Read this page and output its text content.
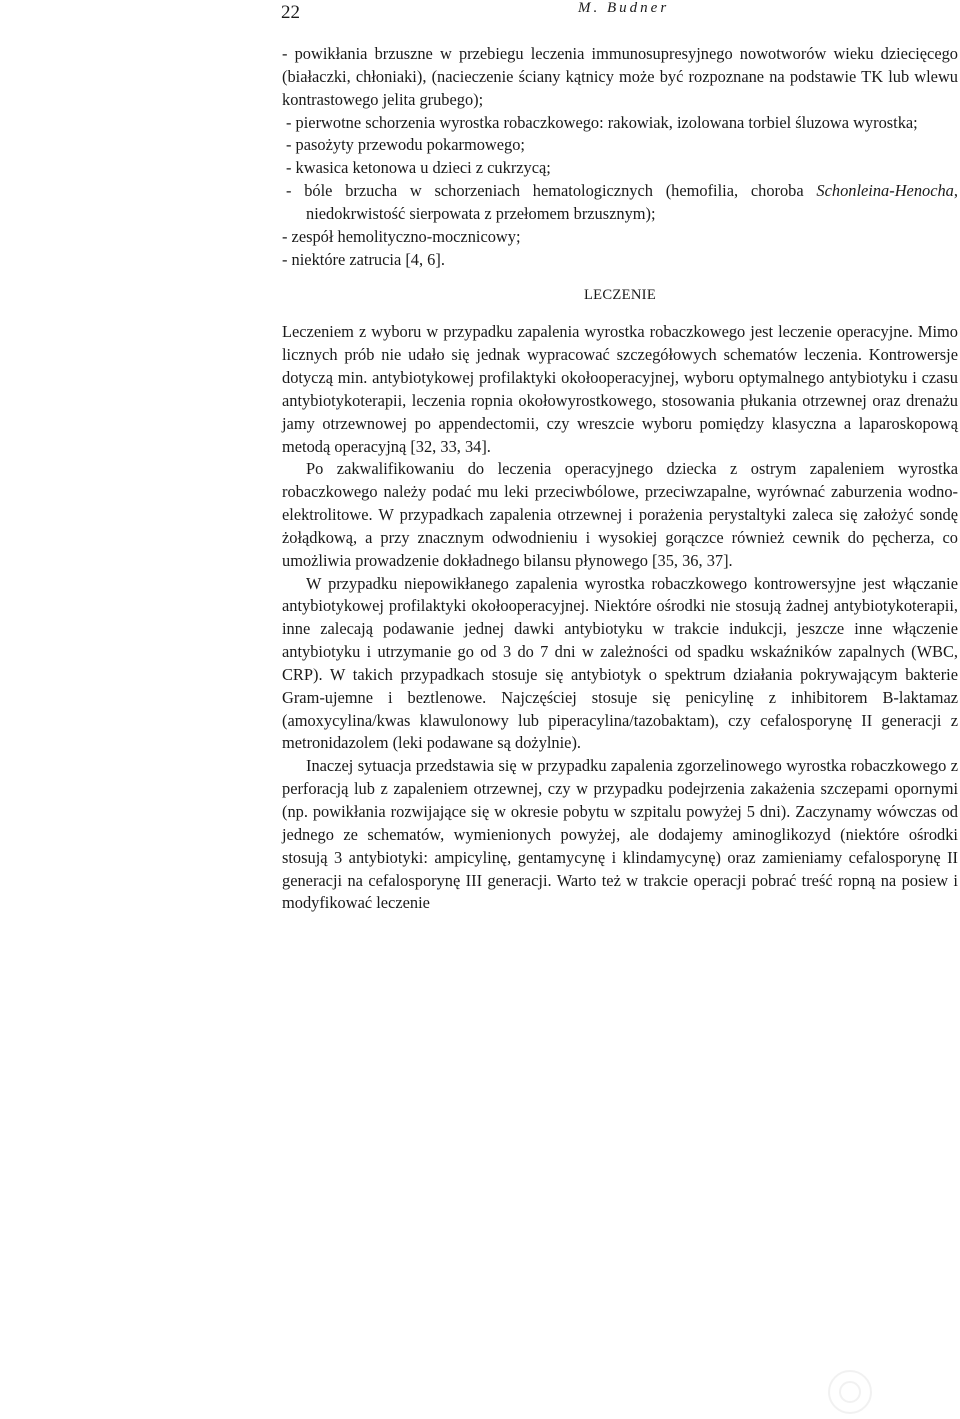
22	M. Budner

- powikłania brzuszne w przebiegu leczenia immunosupresyjnego nowotworów wieku dziecięcego (białaczki, chłoniaki), (nacieczenie ściany kątnicy może być rozpoznane na podstawie TK lub wlewu kontrastowego jelita grubego);

- pierwotne schorzenia wyrostka robaczkowego: rakowiak, izolowana torbiel śluzowa wyrostka;

- pasożyty przewodu pokarmowego;

- kwasica ketonowa u dzieci z cukrzycą;

- bóle brzucha w schorzeniach hematologicznych (hemofilia, choroba Schonleina-Henocha, niedokrwistość sierpowata z przełomem brzusznym);

- zespół hemolityczno-mocznicowy;

- niektóre zatrucia [4, 6].

LECZENIE

Leczeniem z wyboru w przypadku zapalenia wyrostka robaczkowego jest leczenie operacyjne. Mimo licznych prób nie udało się jednak wypracować szczegółowych schematów leczenia. Kontrowersje dotyczą min. antybiotykowej profilaktyki okołooperacyjnej, wyboru optymalnego antybiotyku i czasu antybiotykoterapii, leczenia ropnia okołowyrostkowego, stosowania płukania otrzewnej oraz drenażu jamy otrzewnowej po appendectomii, czy wreszcie wyboru pomiędzy klasyczna a laparoskopową metodą operacyjną [32, 33, 34].

Po zakwalifikowaniu do leczenia operacyjnego dziecka z ostrym zapaleniem wyrostka robaczkowego należy podać mu leki przeciwbólowe, przeciwzapalne, wyrównać zaburzenia wodno-elektrolitowe. W przypadkach zapalenia otrzewnej i porażenia perystaltyki zaleca się założyć sondę żołądkową, a przy znacznym odwodnieniu i wysokiej gorączce również cewnik do pęcherza, co umożliwia prowadzenie dokładnego bilansu płynowego [35, 36, 37].

W przypadku niepowikłanego zapalenia wyrostka robaczkowego kontrowersyjne jest włączanie antybiotykowej profilaktyki okołooperacyjnej. Niektóre ośrodki nie stosują żadnej antybiotykoterapii, inne zalecają podawanie jednej dawki antybiotyku w trakcie indukcji, jeszcze inne włączenie antybiotyku i utrzymanie go od 3 do 7 dni w zależności od spadku wskaźników zapalnych (WBC, CRP). W takich przypadkach stosuje się antybiotyk o spektrum działania pokrywającym bakterie Gram-ujemne i beztlenowe. Najczęściej stosuje się penicylinę z inhibitorem B-laktamaz (amoxycylina/kwas klawulonowy lub piperacylina/tazobaktam), czy cefalosporynę II generacji z metronidazolem (leki podawane są dożylnie).

Inaczej sytuacja przedstawia się w przypadku zapalenia zgorzelinowego wyrostka robaczkowego z perforacją lub z zapaleniem otrzewnej, czy w przypadku podejrzenia zakażenia szczepami opornymi (np. powikłania rozwijające się w okresie pobytu w szpitalu powyżej 5 dni). Zaczynamy wówczas od jednego ze schematów, wymienionych powyżej, ale dodajemy aminoglikozyd (niektóre ośrodki stosują 3 antybiotyki: ampicylinę, gentamycynę i klindamycynę) oraz zamieniamy cefalosporynę II generacji na cefalosporynę III generacji. Warto też w trakcie operacji pobrać treść ropną na posiew i modyfikować leczenie
